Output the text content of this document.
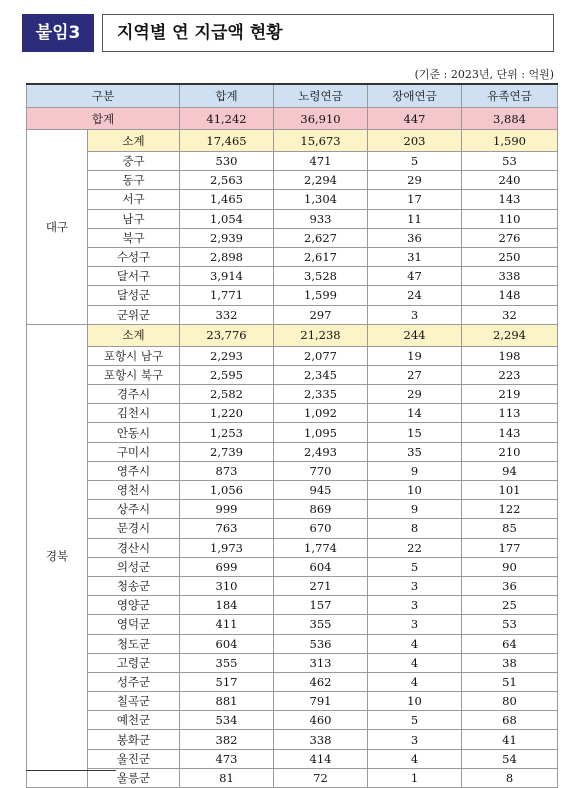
붙임3	지역별 연 지급액 현황
(기준 : 2023년, 단위 : 억원)
구분		합계	노령연금	장애연금	유족연금
합계		41,242	36,910	447	3,884
대구	소계	17,465	15,673	203	1,590
	중구	530	471	5	53
	동구	2,563	2,294	29	240
	서구	1,465	1,304	17	143
	남구	1,054	933	11	110
	북구	2,939	2,627	36	276
	수성구	2,898	2,617	31	250
	달서구	3,914	3,528	47	338
	달성군	1,771	1,599	24	148
	군위군	332	297	3	32
경북	소계	23,776	21,238	244	2,294
	포항시 남구	2,293	2,077	19	198
	포항시 북구	2,595	2,345	27	223
	경주시	2,582	2,335	29	219
	김천시	1,220	1,092	14	113
	안동시	1,253	1,095	15	143
	구미시	2,739	2,493	35	210
	영주시	873	770	9	94
	영천시	1,056	945	10	101
	상주시	999	869	9	122
	문경시	763	670	8	85
	경산시	1,973	1,774	22	177
	의성군	699	604	5	90
	청송군	310	271	3	36
	영양군	184	157	3	25
	영덕군	411	355	3	53
	청도군	604	536	4	64
	고령군	355	313	4	38
	성주군	517	462	4	51
	칠곡군	881	791	10	80
	예천군	534	460	5	68
	봉화군	382	338	3	41
	울진군	473	414	4	54
	울릉군	81	72	1	8
